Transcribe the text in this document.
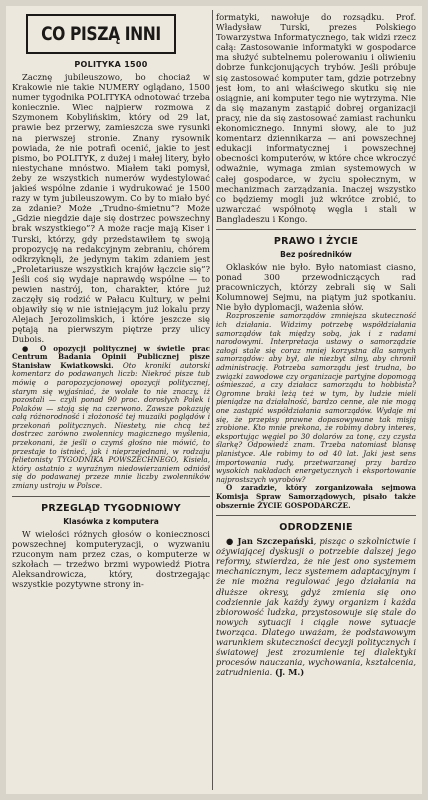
CO PISZĄ INNI
POLITYKA 1500

Zacznę jubileuszowo, bo chociaż w Krakowie nie takie NUMERY oglądano, 1500 numer tygodnika POLITYKA odnotować trzeba koniecznie. Wiec najpierw rozmowa z Szymonem Kobylińskim, który od 29 lat, prawie bez przerwy, zamieszcza swe rysunki na pierwszej stronie. Znany rysownik powiada, że nie potrafi ocenić, jakie to jest pismo, bo POLITYK, z dużej i małej litery, było niestychane mnóstwo. Miałem taki pomysł, żeby ze wszystkich numerów wydestylować jakieś wspólne zdanie i wydrukować je 1500 razy w tym jubileuszowym. Co by to miało być za zdanie? Może „Trudno-śmietnu”? Może „Gdzie niegdzie daje się dostrzec powszechny brak wszystkiego”? A może racje mają Kiser i Turski, którzy, gdy przedstawiłem tę swoją propozycję na redakcyjnym zebraniu, chórem odkrzyknęli, że jedynym takim zdaniem jest „Proletariusze wszystkich krajów łączcie się”? Jeśli coś się wydaje naprawdę wspólne — to pewien nastrój, ton, charakter, które już zaczęły się rodzić w Pałacu Kultury, w pełni objawiły się w nie istniejącym już lokalu przy Alejach Jerozolimskich, i które jeszcze się pętają na pierwszym piętrze przy ulicy Dubois.

● O opozycji politycznej w świetle prac Centrum Badania Opinii Publicznej pisze Stanisław Kwiatkowski. Oto kroniki autorski komentarz do podawanych liczb: Niekroć pisze tub mówię o paropozycjonowej opozycji politycznej, starym się wyjaśniać, że wolałe to nie znaczy, iż pozostali — czyli ponad 90 proc. dorosłych Polek i Polaków — stoją się na czerwono. Zawsze pokazuję całą różnorodność i złożoność tej muzaiki poglądów i przekonań politycznych. Niestety, nie chcą też dostrzec zarówno zwolennicy magicznego myślenia, przekonani, że jeśli o czymś głośno nie mówić, to przestaje to istnieć, jak i nieprzejednani, w rodzaju felietonisty TYGODNIKA POWSZECHNEGO, Kisiela, który ostatnio z wyraźnym niedowierzaniem odniósł się do podawanej przeze mnie liczby zwolenników zmiany ustroju w Polsce.

PRZEGLĄD TYGODNIOWY
Klasówka z komputera

W wielości różnych głosów o koniecznosci powszechnej komputeryzacji, o wyzwaniu rzuconym nam przez czas, o komputerze w szkołach — trzeźwo brzmi wypowiedź Piotra Aleksandrowicza, który, dostrzegając wszystkie pozytywne strony in-

formatyki, nawołuje do rozsądku. Prof. Władysław Turski, prezes Polskiego Towarzystwa Informatycznego, tak widzi rzecz całą: Zastosowanie informatyki w gospodarce ma służyć subtelnemu polerowaniu i oliwieniu dobrze funkcjonujących trybów. Jeśli próbuje się zastosować komputer tam, gdzie potrzebny jest łom, to ani właściwego skutku się nie osiągnie, ani komputer tego nie wytrzyma. Nie da się mazanym zastąpić dobrej organizacji pracy, nie da się zastosować zamiast rachunku ekonomicznego. Innymi słowy, ale to już komentarz dziennikarza — ani powszechnej edukacji informatycznej i powszechnej obecności komputerów, w które chce wkroczyć odważnie, wymaga zmian systemowych w całej gospodarce, w życiu społecznym, w mechanizmach zarządzania. Inaczej wszystko co będziemy mogli już wkrótce zrobić, to uzwarczać współnotę węgla i stali w Bangladeszu i Kongo.

PRAWO I ŻYCIE
Bez pośredników

Oklasków nie było. Było natomiast ciasno, ponad 300 przewodniczących rad pracowniczych, którzy zebrali się w Sali Kolumnowej Sejmu, na piątym już spotkaniu. Nie było dyplomacji, ważenia słów.

Rozproszenie samorządów zmniejsza skuteczność ich działania. Widzimy potrzebę współdziałania samorządów tak między sobą, jak i z radami narodowymi. Interpretacja ustawy o samorządzie załogi stale się coraz mniej korzystna dla samych samorządów: aby był, ale niezbyt silny, aby chronił administrację. Potrzeba samorządu jest trudna, bo związki zawodowe czy organizacje partyjne dopomogą ośmieszać, a czy działacz samorządu to hobbista? Ogromne braki leżą też w tym, by ludzie mieli pieniądze na działalność, bardzo cenne, ale nie mogą one zastąpić współdziałania samorządów. Wydaje mi się, że przepisy prawne dopasowywane tak misją zrobione. Kto mnie prekona, że robimy dobry interes, eksportując węgiel po 30 dolarów za tonę, czy czysta ślarkę? Odpowiedź znam. Trzeba natomiast blansę planistyce. Ale robimy to od 40 lat. Jaki jest sens importowania rudy, przetwarzanej przy bardzo wysokich nakładach energetycznych i eksportowanie najprostszych wyrobów?

O zaradzie, który zorganizowała sejmowa Komisja Spraw Samorządowych, pisało także obszernie ŻYCIE GOSPODARCZE.

ODRODZENIE

● Jan Szczepański, pisząc o szkolnictwie i ożywiającej dyskusji o potrzebie dalszej jego reformy, stwierdza, że nie jest ono systemem mechanicznym, lecz systemem adaptacyjnym i że nie można regulować jego działania na dłuższe okresy, gdyż zmienia się ono codziennie jak każdy żywy organizm i każda zbiorowość ludzka, przystosowuje się stale do nowych sytuacji i ciągle nowe sytuacje tworząca. Dlatego uważam, że podstawowym warunkiem skuteczności decyzji politycznych i światowej jest zrozumienie tej dialektyki procesów nauczania, wychowania, kształcenia, zatrudnienia. (J. M.)
